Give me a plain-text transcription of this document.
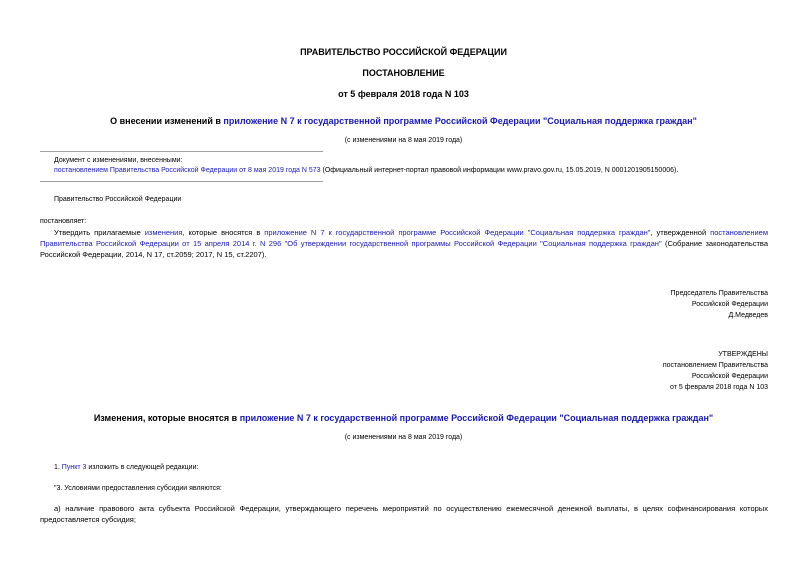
ПРАВИТЕЛЬСТВО РОССИЙСКОЙ ФЕДЕРАЦИИ
ПОСТАНОВЛЕНИЕ
от 5 февраля 2018 года N 103
О внесении изменений в приложение N 7 к государственной программе Российской Федерации "Социальная поддержка граждан"
(с изменениями на 8 мая 2019 года)
Документ с изменениями, внесенными:
постановлением Правительства Российской Федерации от 8 мая 2019 года N 573 (Официальный интернет-портал правовой информации www.pravo.gov.ru, 15.05.2019, N 0001201905150006).
Правительство Российской Федерации
постановляет:
Утвердить прилагаемые изменения, которые вносятся в приложение N 7 к государственной программе Российской Федерации "Социальная поддержка граждан", утвержденной постановлением Правительства Российской Федерации от 15 апреля 2014 г. N 296 "Об утверждении государственной программы Российской Федерации "Социальная поддержка граждан" (Собрание законодательства Российской Федерации, 2014, N 17, ст.2059; 2017, N 15, ст.2207).
Председатель Правительства
Российской Федерации
Д.Медведев
УТВЕРЖДЕНЫ
постановлением Правительства
Российской Федерации
от 5 февраля 2018 года N 103
Изменения, которые вносятся в приложение N 7 к государственной программе Российской Федерации "Социальная поддержка граждан"
(с изменениями на 8 мая 2019 года)
1. Пункт 3 изложить в следующей редакции:
"3. Условиями предоставления субсидии являются:
а) наличие правового акта субъекта Российской Федерации, утверждающего перечень мероприятий по осуществлению ежемесячной денежной выплаты, в целях софинансирования которых предоставляется субсидия;
